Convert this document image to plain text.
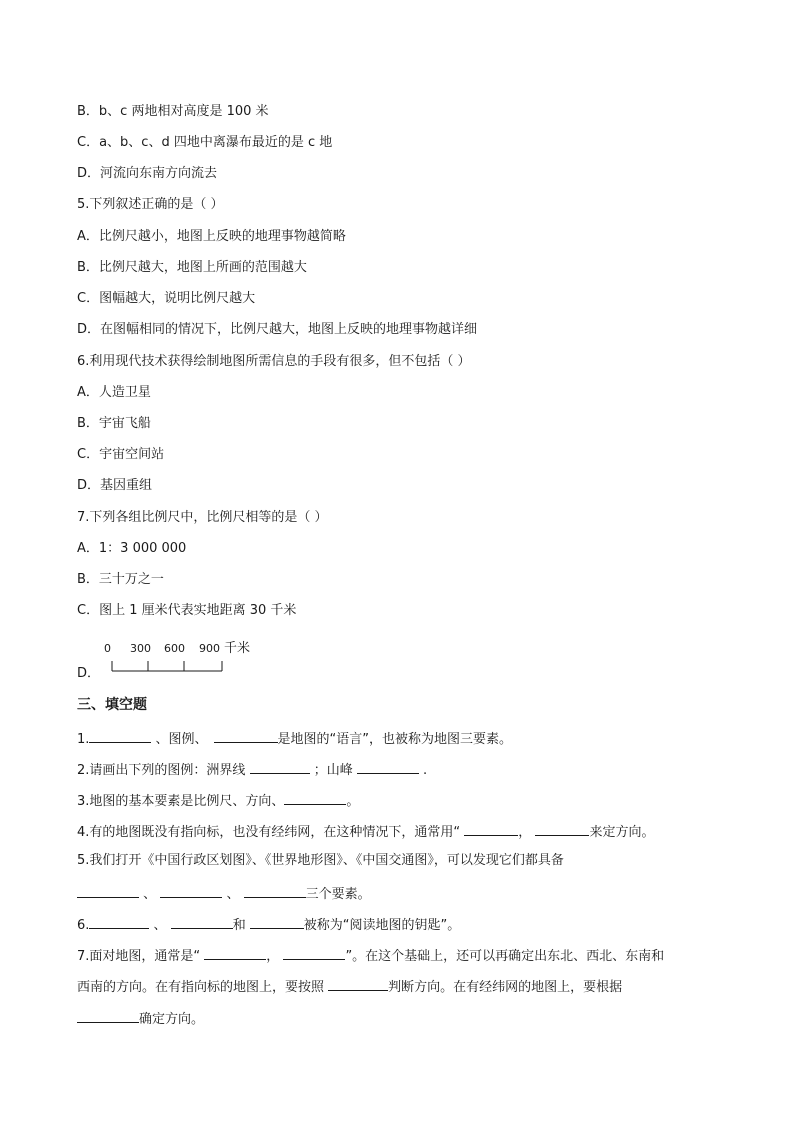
B．b、c 两地相对高度是 100 米
C．a、b、c、d 四地中离瀑布最近的是 c 地
D．河流向东南方向流去
5.下列叙述正确的是（ ）
A．比例尺越小，地图上反映的地理事物越简略
B．比例尺越大，地图上所画的范围越大
C．图幅越大，说明比例尺越大
D．在图幅相同的情况下，比例尺越大，地图上反映的地理事物越详细
6.利用现代技术获得绘制地图所需信息的手段有很多，但不包括（ ）
A．人造卫星
B．宇宙飞船
C．宇宙空间站
D．基因重组
7.下列各组比例尺中，比例尺相等的是（ ）
A．1：3 000 000
B．三十万之一
C．图上 1 厘米代表实地距离 30 千米
D．
0 300 600 900 千米
三、填空题
1.	、图例、	是地图的“语言”，也被称为地图三要素。
2.请画出下列的图例：洲界线	；山峰	.
3.地图的基本要素是比例尺、方向、	。
4.有的地图既没有指向标，也没有经纬网，在这种情况下，通常用“	，	来定方向。
5.我们打开《中国行政区划图》、《世界地形图》、《中国交通图》，可以发现它们都具备
、	、	三个要素。
6.	、	和	被称为“阅读地图的钥匙”。
7.面对地图，通常是“	，	”。在这个基础上，还可以再确定出东北、西北、东南和
西南的方向。在有指向标的地图上，要按照	判断方向。在有经纬网的地图上，要根据
确定方向。
